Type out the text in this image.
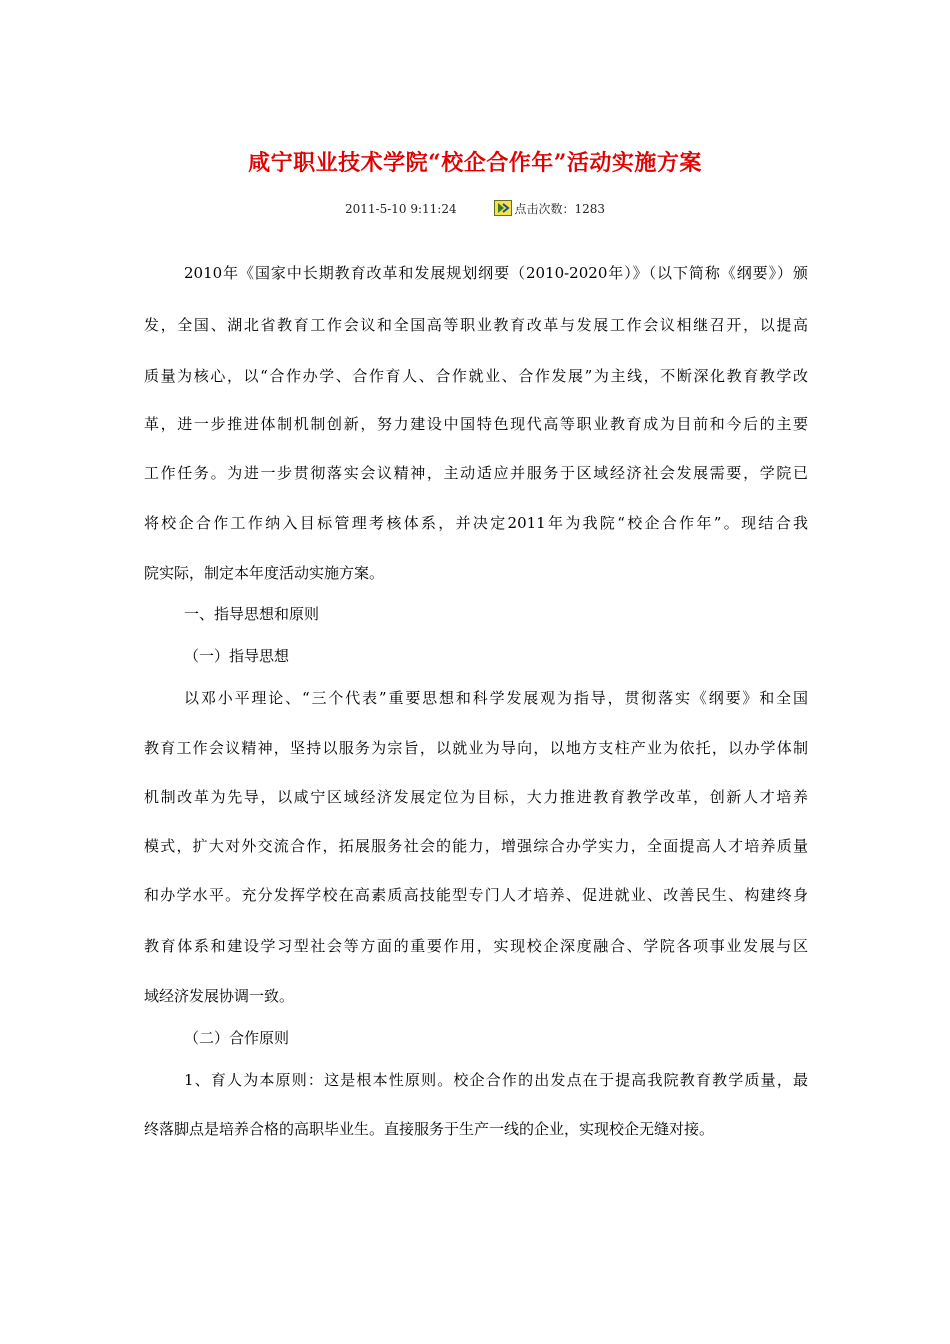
咸宁职业技术学院“校企合作年”活动实施方案
2011-5-10 9:11:24	点击次数：1283
2010年《国家中长期教育改革和发展规划纲要（2010-2020年）》（以下简称《纲要》）颁
发，全国、湖北省教育工作会议和全国高等职业教育改革与发展工作会议相继召开，以提高
质量为核心，以“合作办学、合作育人、合作就业、合作发展”为主线，不断深化教育教学改
革，进一步推进体制机制创新，努力建设中国特色现代高等职业教育成为目前和今后的主要
工作任务。为进一步贯彻落实会议精神，主动适应并服务于区域经济社会发展需要，学院已
将校企合作工作纳入目标管理考核体系，并决定2011年为我院“校企合作年”。现结合我
院实际，制定本年度活动实施方案。
一、指导思想和原则
（一）指导思想
以邓小平理论、“三个代表”重要思想和科学发展观为指导，贯彻落实《纲要》和全国
教育工作会议精神，坚持以服务为宗旨，以就业为导向，以地方支柱产业为依托，以办学体制
机制改革为先导，以咸宁区域经济发展定位为目标，大力推进教育教学改革，创新人才培养
模式，扩大对外交流合作，拓展服务社会的能力，增强综合办学实力，全面提高人才培养质量
和办学水平。充分发挥学校在高素质高技能型专门人才培养、促进就业、改善民生、构建终身
教育体系和建设学习型社会等方面的重要作用，实现校企深度融合、学院各项事业发展与区
域经济发展协调一致。
（二）合作原则
1、育人为本原则：这是根本性原则。校企合作的出发点在于提高我院教育教学质量，最
终落脚点是培养合格的高职毕业生。直接服务于生产一线的企业，实现校企无缝对接。
